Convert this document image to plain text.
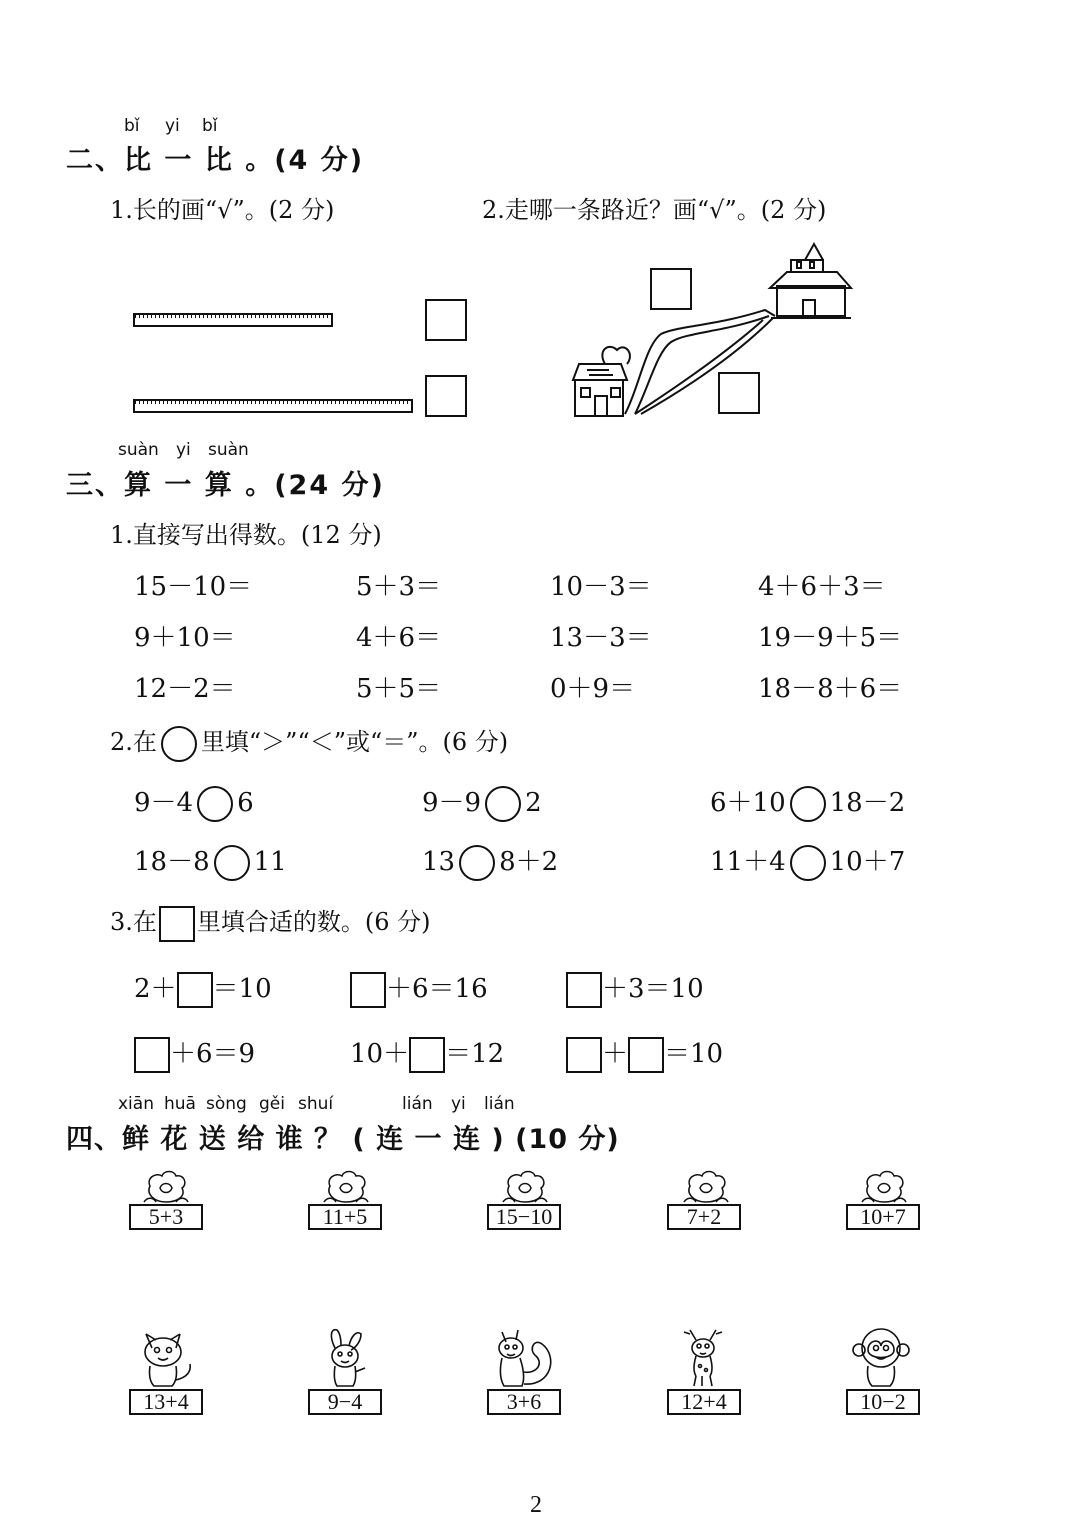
bǐ yi bǐ
二、比 一 比 。(4 分)
1.长的画“√”。(2 分)	2.走哪一条路近？画“√”。(2 分)
suàn yi suàn
三、算 一 算 。(24 分)
1.直接写出得数。(12 分)
15－10＝	5＋3＝	10－3＝	4＋6＋3＝
9＋10＝	4＋6＝	13－3＝	19－9＋5＝
12－2＝	5＋5＝	0＋9＝	18－8＋6＝
2.在 里填“＞”“＜”或“＝”。(6 分)
9－4 6	9－9 2	6＋10 18－2
18－8 11	13 8＋2	11＋4 10＋7
3.在 里填合适的数。(6 分)
2＋ ＝10	＋6＝16	＋3＝10
＋6＝9	10＋ ＝12	＋ ＝10
xiān huā sòng gěi shuí	lián yi lián
四、鲜 花 送 给 谁 ？ ( 连 一 连 ) (10 分)
5+3	11+5	15−10	7+2	10+7
13+4	9−4	3+6	12+4	10−2
2
